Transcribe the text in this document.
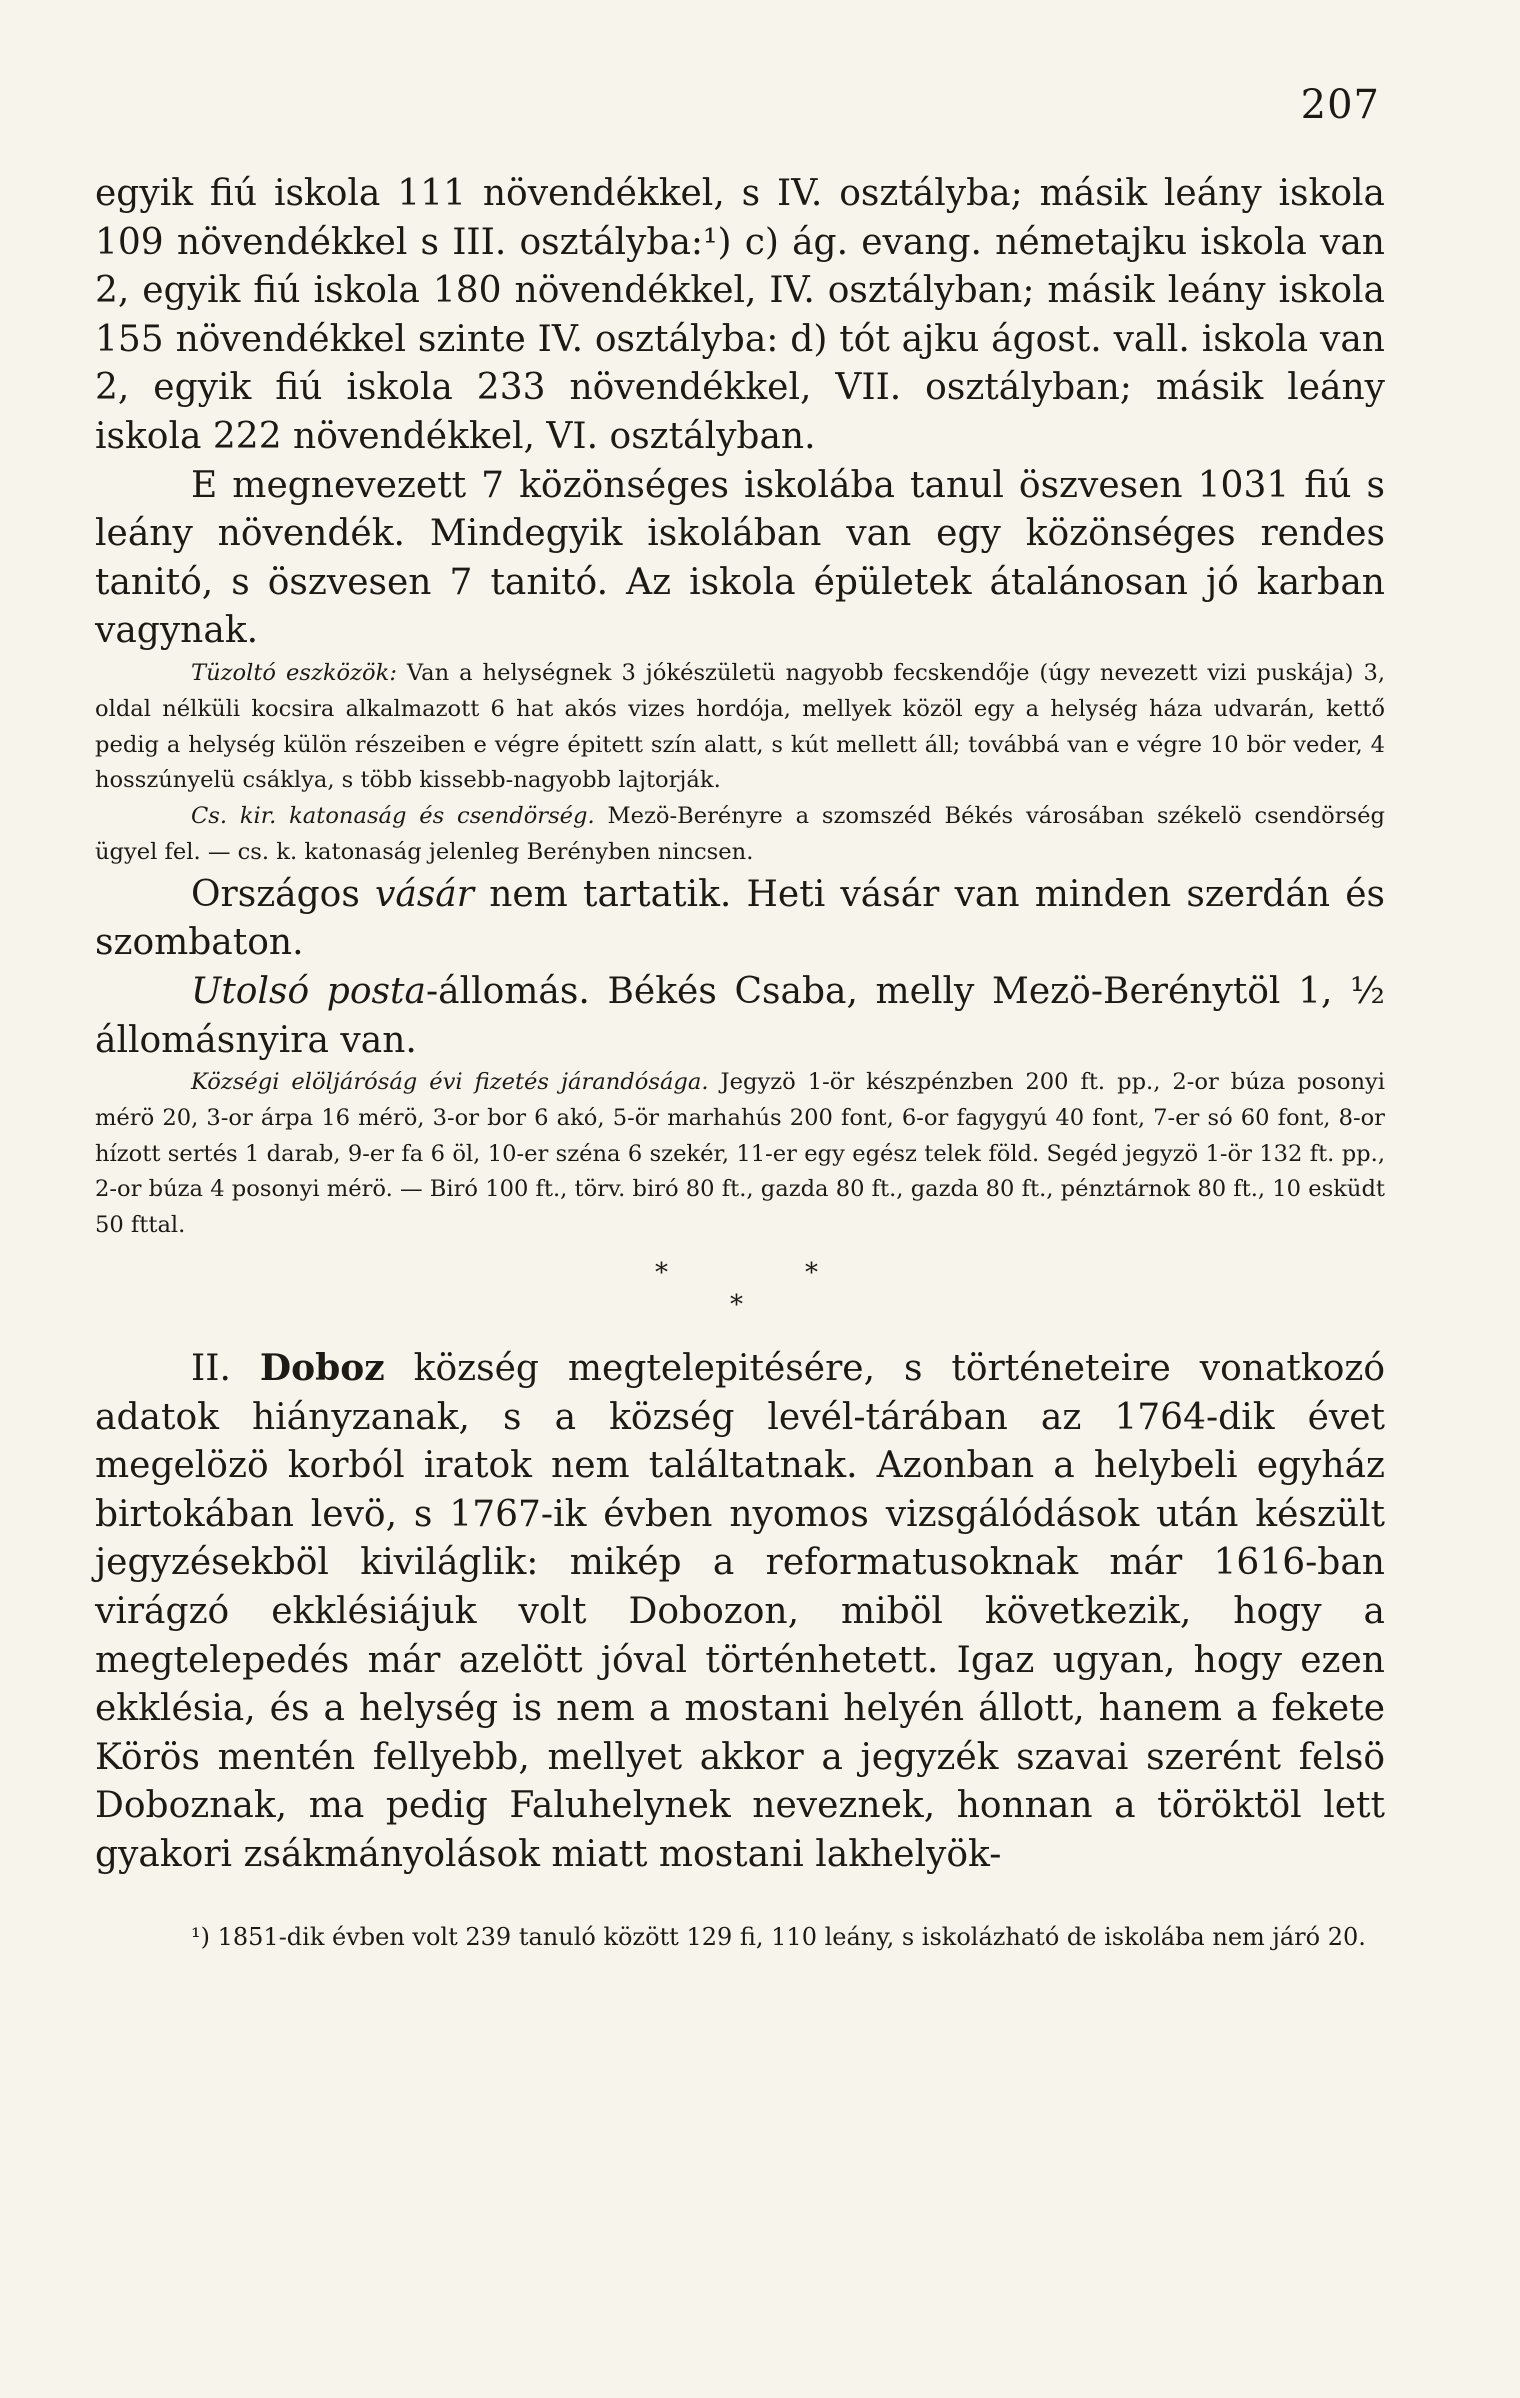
207

egyik fiú iskola 111 növendékkel, s IV. osztályba; másik leány iskola 109 növendékkel s III. osztályba:¹) c) ág. evang. németajku iskola van 2, egyik fiú iskola 180 növendékkel, IV. osztályban; másik leány iskola 155 növendékkel szinte IV. osztályba: d) tót ajku ágost. vall. iskola van 2, egyik fiú iskola 233 növendékkel, VII. osztályban; másik leány iskola 222 növendékkel, VI. osztályban.

E megnevezett 7 közönséges iskolába tanul öszvesen 1031 fiú s leány növendék. Mindegyik iskolában van egy közönséges rendes tanitó, s öszvesen 7 tanitó. Az iskola épületek átalánosan jó karban vagynak.

Tüzoltó eszközök: Van a helységnek 3 jókészületü nagyobb fecskendője (úgy nevezett vizi puskája) 3, oldal nélküli kocsira alkalmazott 6 hat akós vizes hordója, mellyek közöl egy a helység háza udvarán, kettő pedig a helység külön részeiben e végre épitett szín alatt, s kút mellett áll; továbbá van e végre 10 bör veder, 4 hosszúnyelü csáklya, s több kissebb-nagyobb lajtorják.

Cs. kir. katonaság és csendörség. Mezö-Berényre a szomszéd Békés városában székelö csendörség ügyel fel. — cs. k. katonaság jelenleg Berényben nincsen.

Országos vásár nem tartatik. Heti vásár van minden szerdán és szombaton.

Utolsó posta-állomás. Békés Csaba, melly Mezö-Berénytöl 1, ½ állomásnyira van.

Községi elöljáróság évi fizetés járandósága. Jegyzö 1-ör készpénzben 200 ft. pp., 2-or búza posonyi mérö 20, 3-or árpa 16 mérö, 3-or bor 6 akó, 5-ör marhahús 200 font, 6-or fagygyú 40 font, 7-er só 60 font, 8-or hízott sertés 1 darab, 9-er fa 6 öl, 10-er széna 6 szekér, 11-er egy egész telek föld. Segéd jegyzö 1-ör 132 ft. pp., 2-or búza 4 posonyi mérö. — Biró 100 ft., törv. biró 80 ft., gazda 80 ft., gazda 80 ft., pénztárnok 80 ft., 10 esküdt 50 fttal.

*	*
*

II. Doboz község megtelepitésére, s történeteire vonatkozó adatok hiányzanak, s a község levél-tárában az 1764-dik évet megelözö korból iratok nem találtatnak. Azonban a helybeli egyház birtokában levö, s 1767-ik évben nyomos vizsgálódások után készült jegyzésekböl kiviláglik: mikép a reformatusoknak már 1616-ban virágzó ekklésiájuk volt Dobozon, miböl következik, hogy a megtelepedés már azelött jóval történhetett. Igaz ugyan, hogy ezen ekklésia, és a helység is nem a mostani helyén állott, hanem a fekete Körös mentén fellyebb, mellyet akkor a jegyzék szavai szerént felsö Doboznak, ma pedig Faluhelynek neveznek, honnan a töröktöl lett gyakori zsákmányolások miatt mostani lakhelyök-

¹) 1851-dik évben volt 239 tanuló között 129 fi, 110 leány, s iskolázható de iskolába nem járó 20.
